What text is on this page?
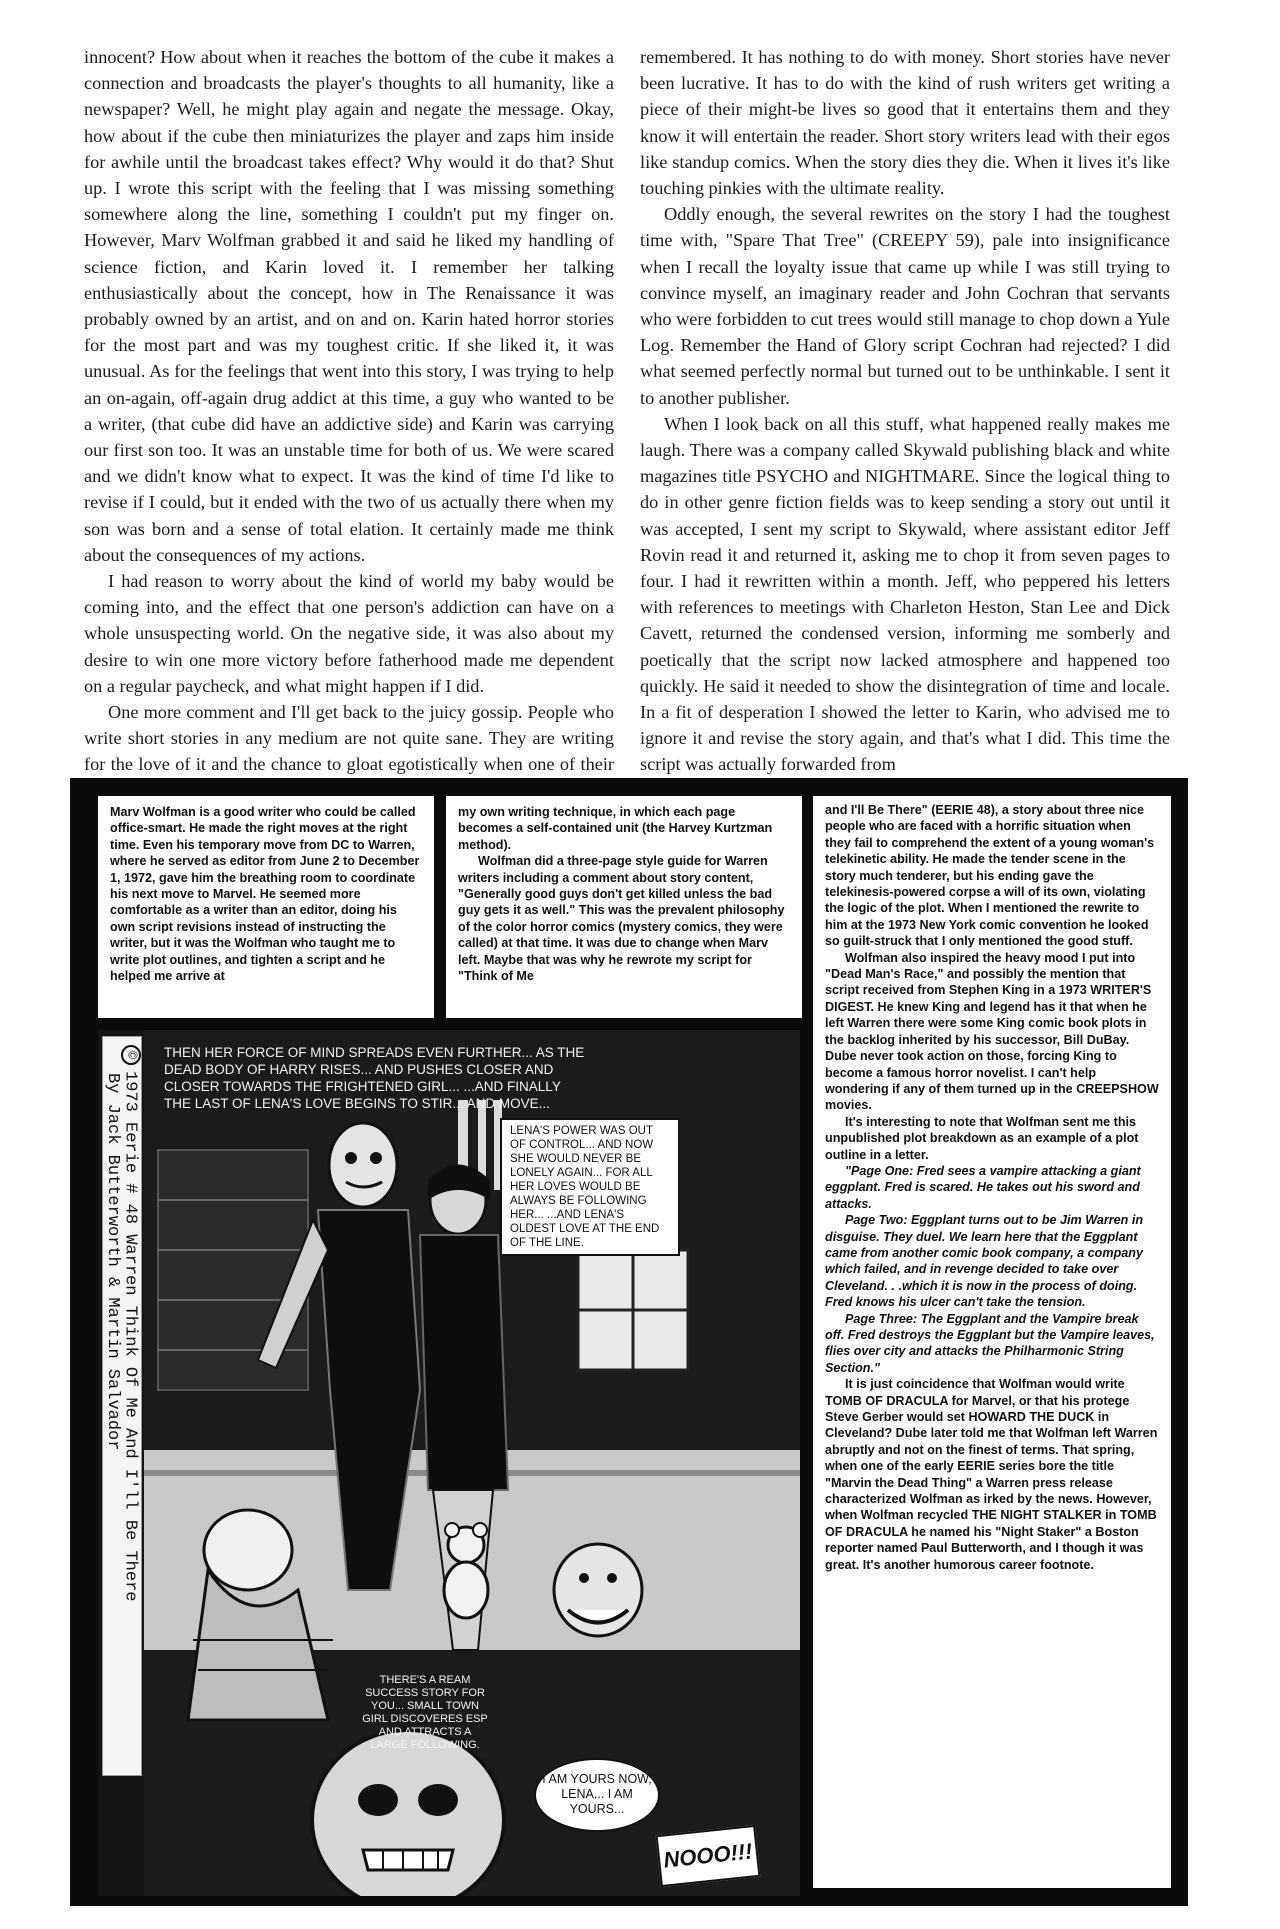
innocent? How about when it reaches the bottom of the cube it makes a connection and broadcasts the player's thoughts to all humanity, like a newspaper? Well, he might play again and negate the message. Okay, how about if the cube then miniaturizes the player and zaps him inside for awhile until the broadcast takes effect? Why would it do that? Shut up. I wrote this script with the feeling that I was missing something somewhere along the line, something I couldn't put my finger on. However, Marv Wolfman grabbed it and said he liked my handling of science fiction, and Karin loved it. I remember her talking enthusiastically about the concept, how in The Renaissance it was probably owned by an artist, and on and on. Karin hated horror stories for the most part and was my toughest critic. If she liked it, it was unusual. As for the feelings that went into this story, I was trying to help an on-again, off-again drug addict at this time, a guy who wanted to be a writer, (that cube did have an addictive side) and Karin was carrying our first son too. It was an unstable time for both of us. We were scared and we didn't know what to expect. It was the kind of time I'd like to revise if I could, but it ended with the two of us actually there when my son was born and a sense of total elation. It certainly made me think about the consequences of my actions.

I had reason to worry about the kind of world my baby would be coming into, and the effect that one person's addiction can have on a whole unsuspecting world. On the negative side, it was also about my desire to win one more victory before fatherhood made me dependent on a regular paycheck, and what might happen if I did.

One more comment and I'll get back to the juicy gossip. People who write short stories in any medium are not quite sane. They are writing for the love of it and the chance to gloat egotistically when one of their

remembered. It has nothing to do with money. Short stories have never been lucrative. It has to do with the kind of rush writers get writing a piece of their might-be lives so good that it entertains them and they know it will entertain the reader. Short story writers lead with their egos like standup comics. When the story dies they die. When it lives it's like touching pinkies with the ultimate reality.

Oddly enough, the several rewrites on the story I had the toughest time with, "Spare That Tree" (CREEPY 59), pale into insignificance when I recall the loyalty issue that came up while I was still trying to convince myself, an imaginary reader and John Cochran that servants who were forbidden to cut trees would still manage to chop down a Yule Log. Remember the Hand of Glory script Cochran had rejected? I did what seemed perfectly normal but turned out to be unthinkable. I sent it to another publisher.

When I look back on all this stuff, what happened really makes me laugh. There was a company called Skywald publishing black and white magazines title PSYCHO and NIGHTMARE. Since the logical thing to do in other genre fiction fields was to keep sending a story out until it was accepted, I sent my script to Skywald, where assistant editor Jeff Rovin read it and returned it, asking me to chop it from seven pages to four. I had it rewritten within a month. Jeff, who peppered his letters with references to meetings with Charleton Heston, Stan Lee and Dick Cavett, returned the condensed version, informing me somberly and poetically that the script now lacked atmosphere and happened too quickly. He said it needed to show the disintegration of time and locale. In a fit of desperation I showed the letter to Karin, who advised me to ignore it and revise the story again, and that's what I did. This time the script was actually forwarded from

Marv Wolfman is a good writer who could be called office-smart. He made the right moves at the right time. Even his temporary move from DC to Warren, where he served as editor from June 2 to December 1, 1972, gave him the breathing room to coordinate his next move to Marvel. He seemed more comfortable as a writer than an editor, doing his own script revisions instead of instructing the writer, but it was the Wolfman who taught me to write plot outlines, and tighten a script and he helped me arrive at

my own writing technique, in which each page becomes a self-contained unit (the Harvey Kurtzman method).

Wolfman did a three-page style guide for Warren writers including a comment about story content, "Generally good guys don't get killed unless the bad guy gets it as well." This was the prevalent philosophy of the color horror comics (mystery comics, they were called) at that time. It was due to change when Marv left. Maybe that was why he rewrote my script for "Think of Me

and I'll Be There" (EERIE 48), a story about three nice people who are faced with a horrific situation when they fail to comprehend the extent of a young woman's telekinetic ability. He made the tender scene in the story much tenderer, but his ending gave the telekinesis-powered corpse a will of its own, violating the logic of the plot. When I mentioned the rewrite to him at the 1973 New York comic convention he looked so guilt-struck that I only mentioned the good stuff.

Wolfman also inspired the heavy mood I put into "Dead Man's Race," and possibly the mention that script received from Stephen King in a 1973 WRITER'S DIGEST. He knew King and legend has it that when he left Warren there were some King comic book plots in the backlog inherited by his successor, Bill DuBay. Dube never took action on those, forcing King to become a famous horror novelist. I can't help wondering if any of them turned up in the CREEPSHOW movies.

It's interesting to note that Wolfman sent me this unpublished plot breakdown as an example of a plot outline in a letter.

"Page One: Fred sees a vampire attacking a giant eggplant. Fred is scared. He takes out his sword and attacks.

Page Two: Eggplant turns out to be Jim Warren in disguise. They duel. We learn here that the Eggplant came from another comic book company, a company which failed, and in revenge decided to take over Cleveland. . .which it is now in the process of doing. Fred knows his ulcer can't take the tension.

Page Three: The Eggplant and the Vampire break off. Fred destroys the Eggplant but the Vampire leaves, flies over city and attacks the Philharmonic String Section."

It is just coincidence that Wolfman would write TOMB OF DRACULA for Marvel, or that his protege Steve Gerber would set HOWARD THE DUCK in Cleveland? Dube later told me that Wolfman left Warren abruptly and not on the finest of terms. That spring, when one of the early EERIE series bore the title "Marvin the Dead Thing" a Warren press release characterized Wolfman as irked by the news. However, when Wolfman recycled THE NIGHT STALKER in TOMB OF DRACULA he named his "Night Staker" a Boston reporter named Paul Butterworth, and I though it was great. It's another humorous career footnote.

©1973 Eerie # 48 Warren Think Of Me And I'll Be There
By Jack Butterworth & Martin Salvador
THEN HER FORCE OF MIND SPREADS EVEN FURTHER... AS THE DEAD BODY OF HARRY RISES... AND PUSHES CLOSER AND CLOSER TOWARDS THE FRIGHTENED GIRL... ...AND FINALLY THE LAST OF LENA'S LOVE BEGINS TO STIR... AND MOVE...
LENA'S POWER WAS OUT OF CONTROL... AND NOW SHE WOULD NEVER BE LONELY AGAIN... FOR ALL HER LOVES WOULD BE ALWAYS BE FOLLOWING HER... ...AND LENA'S OLDEST LOVE AT THE END OF THE LINE.
THERE'S A REAM SUCCESS STORY FOR YOU... SMALL TOWN GIRL DISCOVERES ESP AND ATTRACTS A LARGE FOLLOWING.
I AM YOURS NOW, LENA... I AM YOURS...
NOOO!!!
